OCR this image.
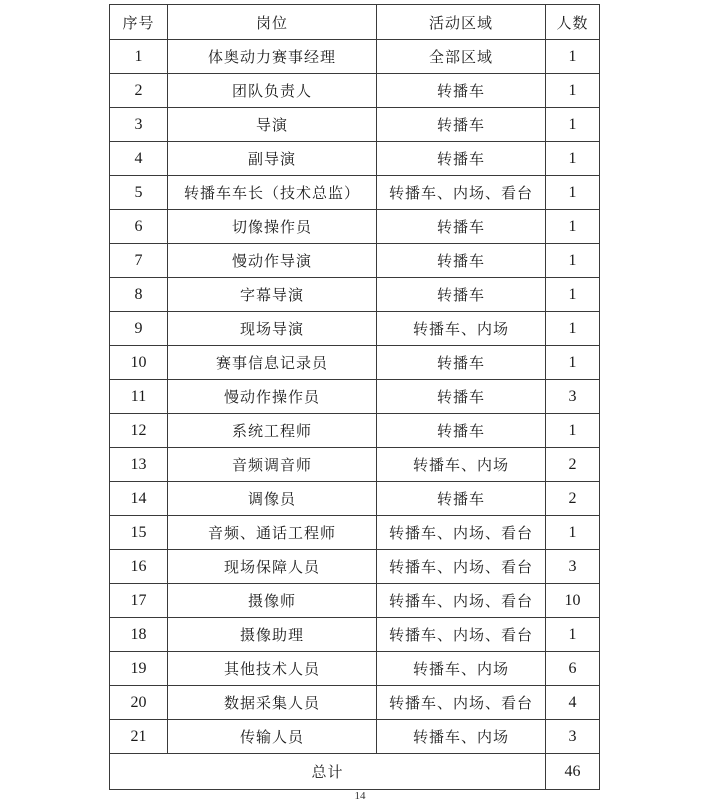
序号	岗位	活动区域	人数
1	体奥动力赛事经理	全部区域	1
2	团队负责人	转播车	1
3	导演	转播车	1
4	副导演	转播车	1
5	转播车车长（技术总监）	转播车、内场、看台	1
6	切像操作员	转播车	1
7	慢动作导演	转播车	1
8	字幕导演	转播车	1
9	现场导演	转播车、内场	1
10	赛事信息记录员	转播车	1
11	慢动作操作员	转播车	3
12	系统工程师	转播车	1
13	音频调音师	转播车、内场	2
14	调像员	转播车	2
15	音频、通话工程师	转播车、内场、看台	1
16	现场保障人员	转播车、内场、看台	3
17	摄像师	转播车、内场、看台	10
18	摄像助理	转播车、内场、看台	1
19	其他技术人员	转播车、内场	6
20	数据采集人员	转播车、内场、看台	4
21	传输人员	转播车、内场	3
总计			46
14
